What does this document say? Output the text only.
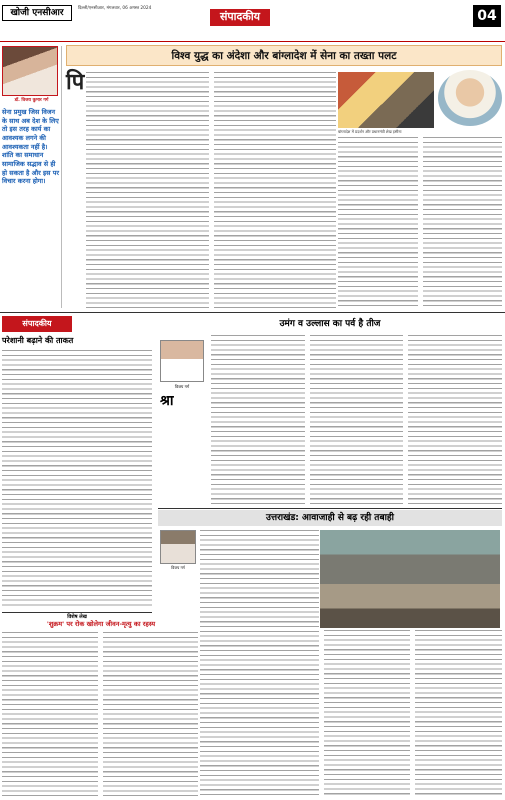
खोजी एनसीआर	दिल्ली/एनसीआर, मंगलवार, 06 अगस्त 2024
संपादकीय	04
डॉ. विजय कुमार गर्ग
सेना प्रमुख जिस विजन के साथ अब देश के लिए तो इस तरह कार्य का आवश्यक लगने की आवश्यकता नहीं है। शांति का समाधान सामाजिक सद्भाव से ही हो सकता है और इस पर विचार करना होगा।
विश्व युद्ध का अंदेशा और बांग्लादेश में सेना का तख्ता पलट
पि
बांग्लादेश में प्रदर्शन और प्रधानमंत्री शेख हसीना
संपादकीय
परेशानी बढ़ाने की ताकत
उमंग व उल्लास का पर्व है तीज
विजय गर्ग
श्रा
उत्तराखंड: आवाजाही से बढ़ रही तबाही
विजय गर्ग
विशेष लेख
'शुक्रम' पर रोक खोलेगा जीवन-मृत्यु का रहस्य
